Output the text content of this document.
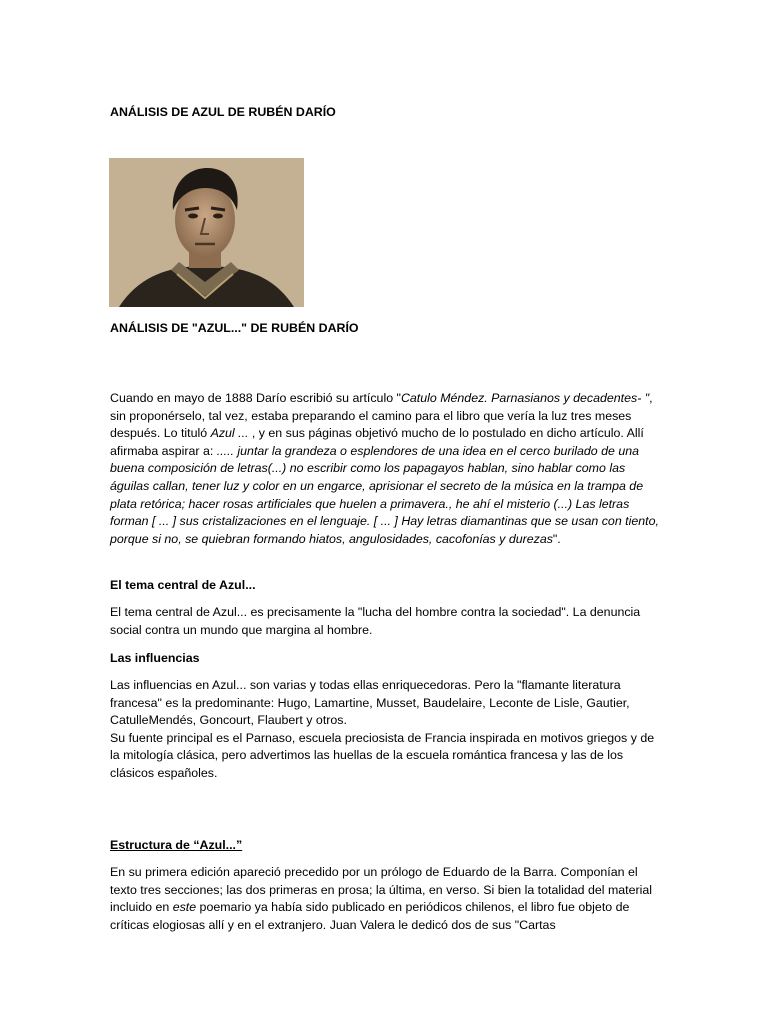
ANÁLISIS DE AZUL DE RUBÉN DARÍO
ANÁLISIS DE "AZUL..." DE RUBÉN DARÍO
Cuando en mayo de 1888 Darío escribió su artículo "Catulo Méndez. Parnasianos y decadentes- ", sin proponérselo, tal vez, estaba preparando el camino para el libro que vería la luz tres meses después. Lo tituló Azul ... , y en sus páginas objetivó mucho de lo postulado en dicho artículo. Allí afirmaba aspirar a: ..... juntar la grandeza o esplendores de una idea en el cerco burilado de una buena composición de letras(...) no escribir como los papagayos hablan, sino hablar como las águilas callan, tener luz y color en un engarce, aprisionar el secreto de la música en la trampa de plata retórica; hacer rosas artificiales que huelen a primavera., he ahí el misterio (...) Las letras forman [ ... ] sus cristalizaciones en el lenguaje. [ ... ] Hay letras diamantinas que se usan con tiento, porque si no, se quiebran formando hiatos, angulosidades, cacofonías y durezas".
El tema central de Azul...
El tema central de Azul... es precisamente la "lucha del hombre contra la sociedad". La denuncia social contra un mundo que margina al hombre.
Las influencias
Las influencias en Azul... son varias y todas ellas enriquecedoras. Pero la "flamante literatura francesa" es la predominante: Hugo, Lamartine, Musset, Baudelaire, Leconte de Lisle, Gautier, CatulleMendés, Goncourt, Flaubert y otros.
Su fuente principal es el Parnaso, escuela preciosista de Francia inspirada en motivos griegos y de la mitología clásica, pero advertimos las huellas de la escuela romántica francesa y las de los clásicos españoles.
Estructura de “Azul...”
En su primera edición apareció precedido por un prólogo de Eduardo de la Barra. Componían el texto tres secciones; las dos primeras en prosa; la última, en verso. Si bien la totalidad del material incluido en este poemario ya había sido publicado en periódicos chilenos, el libro fue objeto de críticas elogiosas allí y en el extranjero. Juan Valera le dedicó dos de sus "Cartas
